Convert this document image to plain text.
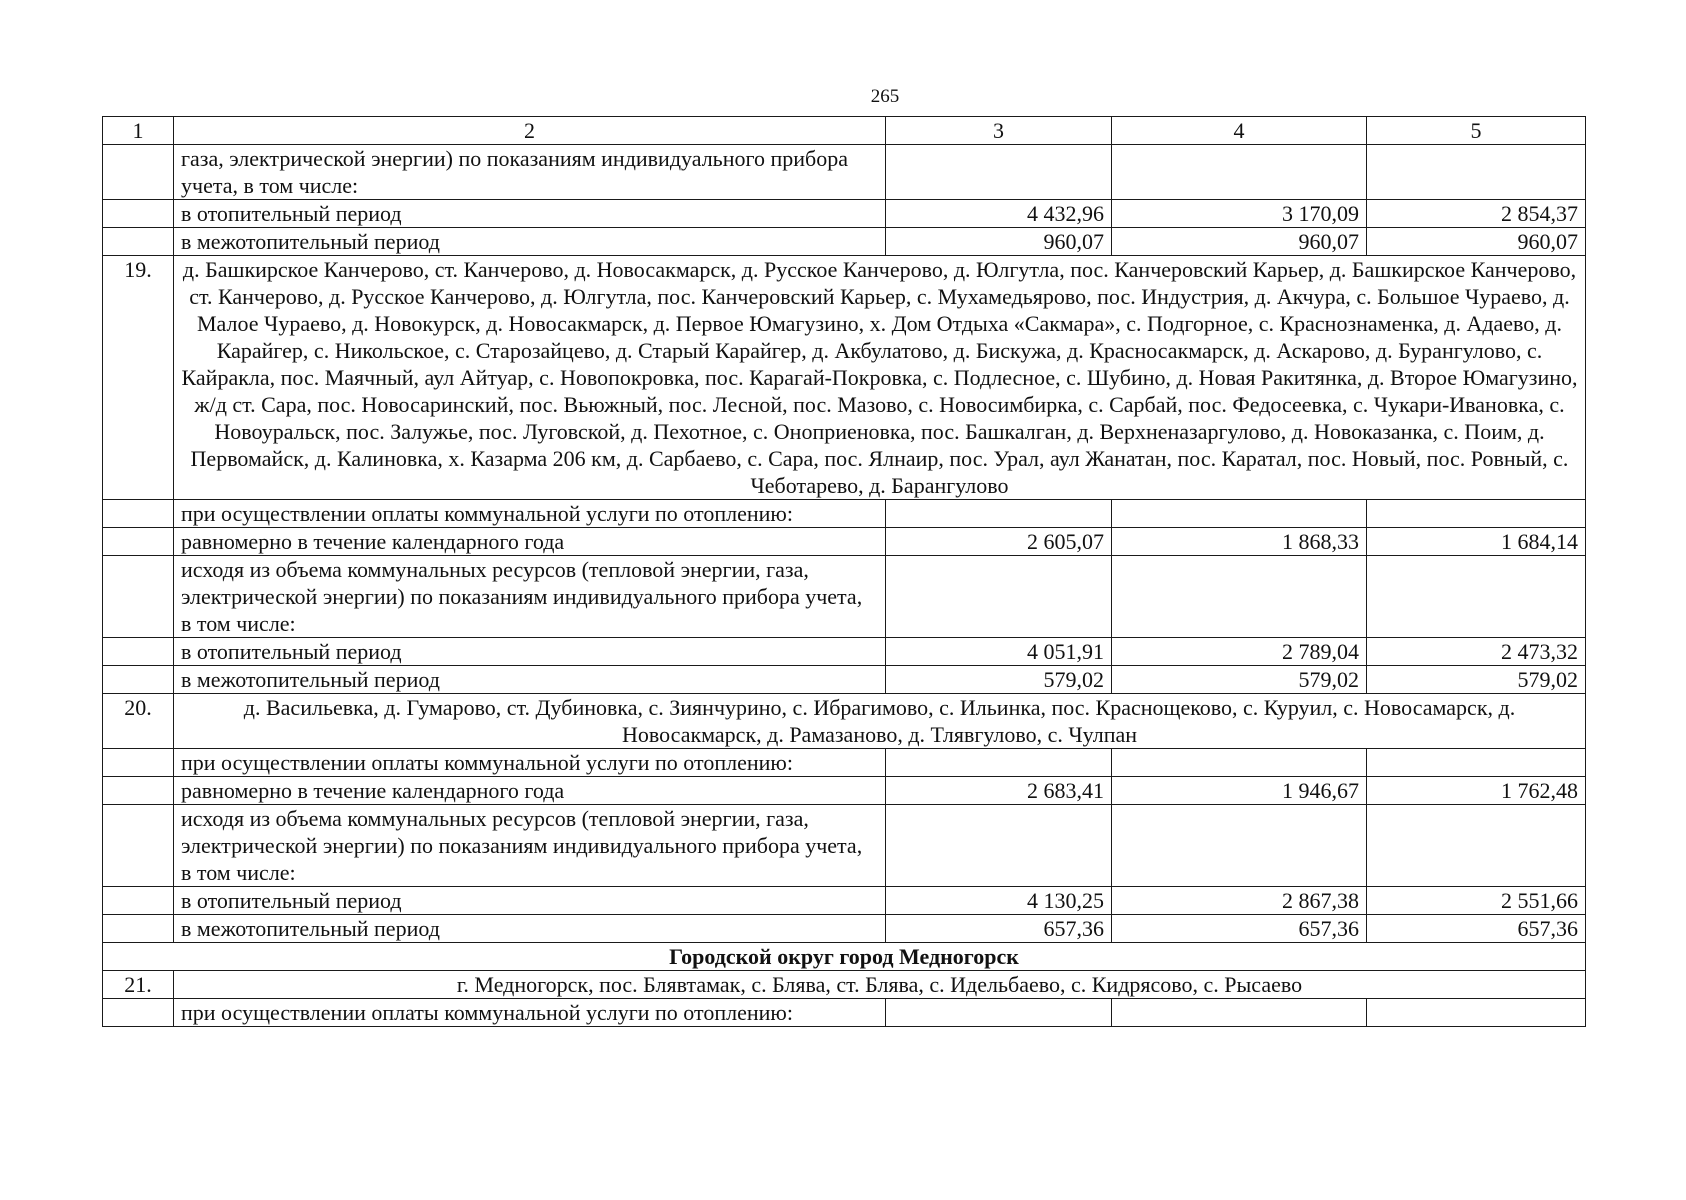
265
1	2	3	4	5
	газа, электрической энергии) по показаниям индивидуального прибора учета, в том числе:			
	в отопительный период	4 432,96	3 170,09	2 854,37
	в межотопительный период	960,07	960,07	960,07
19.	д. Башкирское Канчерово, ст. Канчерово, д. Новосакмарск, д. Русское Канчерово, д. Юлгутла, пос. Канчеровский Карьер, д. Башкирское Канчерово, ст. Канчерово, д. Русское Канчерово, д. Юлгутла, пос. Канчеровский Карьер, с. Мухамедьярово, пос. Индустрия, д. Акчура, с. Большое Чураево, д. Малое Чураево, д. Новокурск, д. Новосакмарск, д. Первое Юмагузино, х. Дом Отдыха «Сакмара», с. Подгорное, с. Краснознаменка, д. Адаево, д. Карайгер, с. Никольское, с. Старозайцево, д. Старый Карайгер, д. Акбулатово, д. Бискужа, д. Красносакмарск, д. Аскарово, д. Бурангулово, с. Кайракла, пос. Маячный, аул Айтуар, с. Новопокровка, пос. Карагай-Покровка, с. Подлесное, с. Шубино, д. Новая Ракитянка, д. Второе Юмагузино, ж/д ст. Сара, пос. Новосаринский, пос. Вьюжный, пос. Лесной, пос. Мазово, с. Новосимбирка, с. Сарбай, пос. Федосеевка, с. Чукари-Ивановка, с. Новоуральск, пос. Залужье, пос. Луговской, д. Пехотное, с. Оноприеновка, пос. Башкалган, д. Верхненазаргулово, д. Новоказанка, с. Поим, д. Первомайск, д. Калиновка, х. Казарма 206 км, д. Сарбаево, с. Сара, пос. Ялнаир, пос. Урал, аул Жанатан, пос. Каратал, пос. Новый, пос. Ровный, с. Чеботарево, д. Барангулово			
	при осуществлении оплаты коммунальной услуги по отоплению:			
	равномерно в течение календарного года	2 605,07	1 868,33	1 684,14
	исходя из объема коммунальных ресурсов (тепловой энергии, газа, электрической энергии) по показаниям индивидуального прибора учета, в том числе:			
	в отопительный период	4 051,91	2 789,04	2 473,32
	в межотопительный период	579,02	579,02	579,02
20.	д. Васильевка, д. Гумарово, ст. Дубиновка, с. Зиянчурино, с. Ибрагимово, с. Ильинка, пос. Краснощеково, с. Куруил, с. Новосамарск, д. Новосакмарск, д. Рамазаново, д. Тлявгулово, с. Чулпан			
	при осуществлении оплаты коммунальной услуги по отоплению:			
	равномерно в течение календарного года	2 683,41	1 946,67	1 762,48
	исходя из объема коммунальных ресурсов (тепловой энергии, газа, электрической энергии) по показаниям индивидуального прибора учета, в том числе:			
	в отопительный период	4 130,25	2 867,38	2 551,66
	в межотопительный период	657,36	657,36	657,36
Городской округ город Медногорск				
21.	г. Медногорск, пос. Блявтамак, с. Блява, ст. Блява, с. Идельбаево, с. Кидрясово, с. Рысаево			
	при осуществлении оплаты коммунальной услуги по отоплению:			
